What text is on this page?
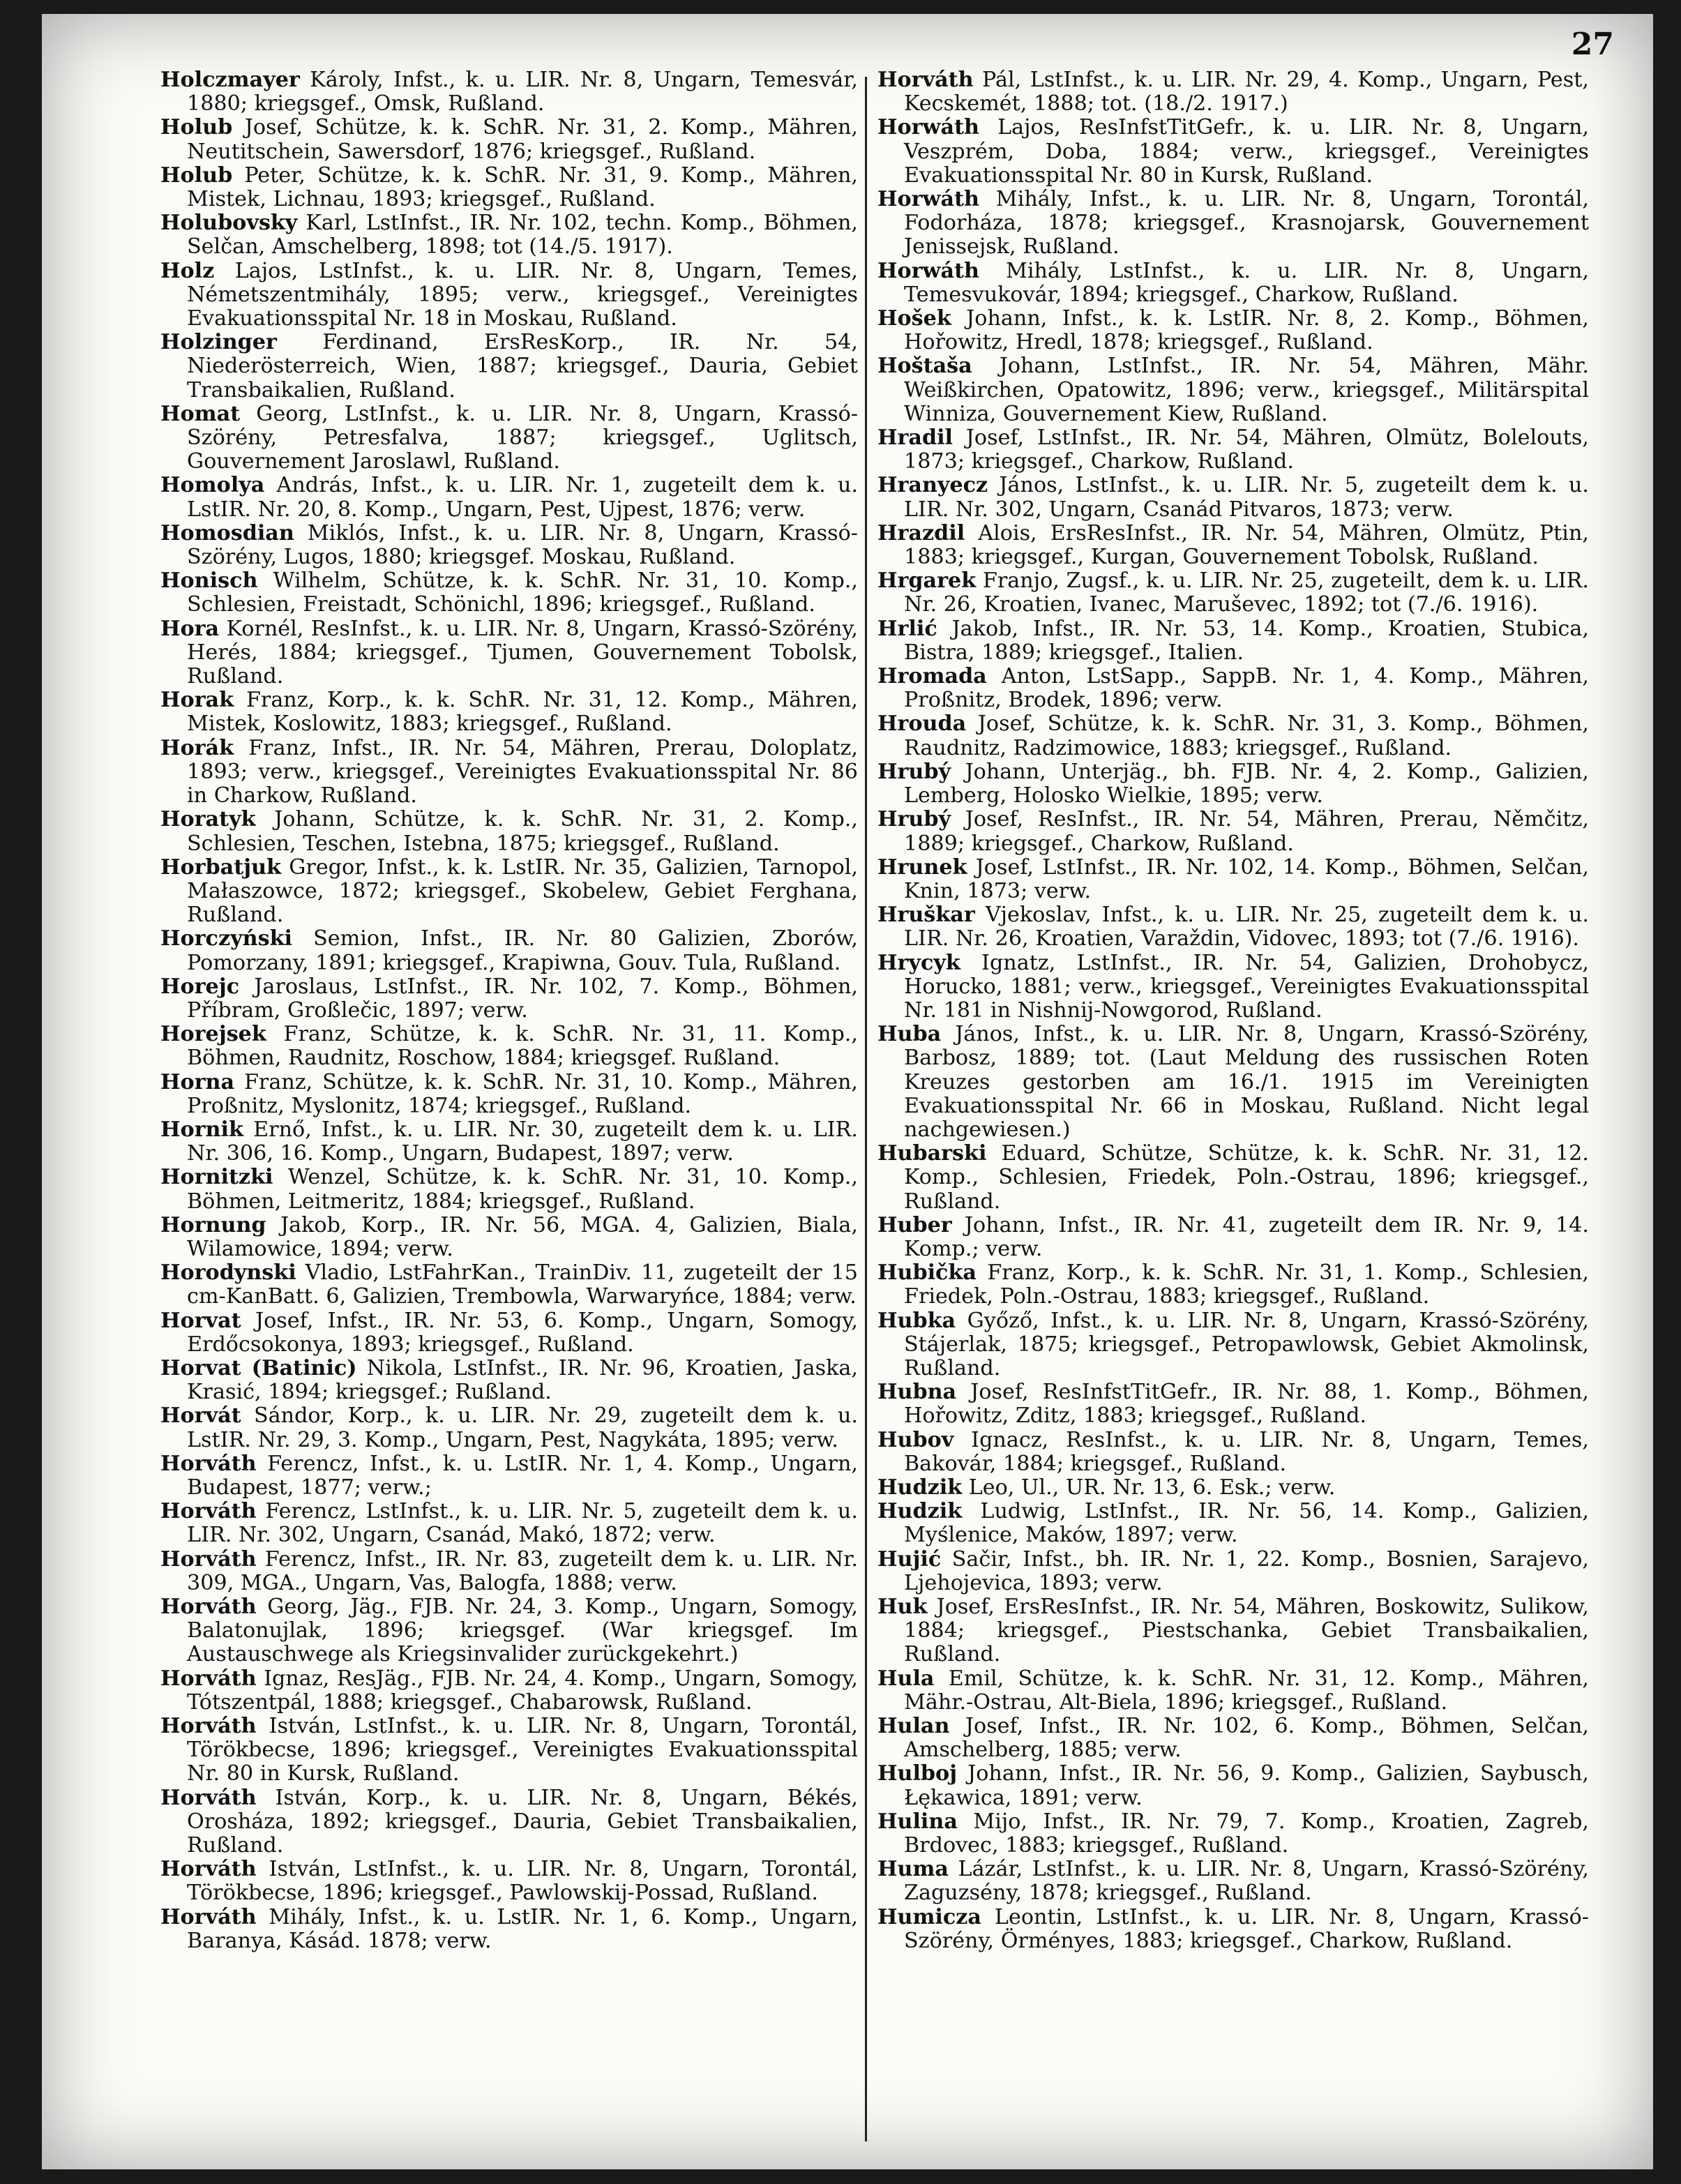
27

Holczmayer Károly, Infst., k. u. LIR. Nr. 8, Ungarn, Temesvár, 1880; kriegsgef., Omsk, Rußland.

Holub Josef, Schütze, k. k. SchR. Nr. 31, 2. Komp., Mähren, Neutitschein, Sawersdorf, 1876; kriegsgef., Rußland.

Holub Peter, Schütze, k. k. SchR. Nr. 31, 9. Komp., Mähren, Mistek, Lichnau, 1893; kriegsgef., Rußland.

Holubovsky Karl, LstInfst., IR. Nr. 102, techn. Komp., Böhmen, Selčan, Amschelberg, 1898; tot (14./5. 1917).

Holz Lajos, LstInfst., k. u. LIR. Nr. 8, Ungarn, Temes, Németszentmihály, 1895; verw., kriegsgef., Vereinigtes Evakuationsspital Nr. 18 in Moskau, Rußland.

Holzinger Ferdinand, ErsResKorp., IR. Nr. 54, Niederösterreich, Wien, 1887; kriegsgef., Dauria, Gebiet Transbaikalien, Rußland.

Homat Georg, LstInfst., k. u. LIR. Nr. 8, Ungarn, Krassó-Szörény, Petresfalva, 1887; kriegsgef., Uglitsch, Gouvernement Jaroslawl, Rußland.

Homolya András, Infst., k. u. LIR. Nr. 1, zugeteilt dem k. u. LstIR. Nr. 20, 8. Komp., Ungarn, Pest, Ujpest, 1876; verw.

Homosdian Miklós, Infst., k. u. LIR. Nr. 8, Ungarn, Krassó-Szörény, Lugos, 1880; kriegsgef. Moskau, Rußland.

Honisch Wilhelm, Schütze, k. k. SchR. Nr. 31, 10. Komp., Schlesien, Freistadt, Schönichl, 1896; kriegsgef., Rußland.

Hora Kornél, ResInfst., k. u. LIR. Nr. 8, Ungarn, Krassó-Szörény, Herés, 1884; kriegsgef., Tjumen, Gouvernement Tobolsk, Rußland.

Horak Franz, Korp., k. k. SchR. Nr. 31, 12. Komp., Mähren, Mistek, Koslowitz, 1883; kriegsgef., Rußland.

Horák Franz, Infst., IR. Nr. 54, Mähren, Prerau, Doloplatz, 1893; verw., kriegsgef., Vereinigtes Evakuationsspital Nr. 86 in Charkow, Rußland.

Horatyk Johann, Schütze, k. k. SchR. Nr. 31, 2. Komp., Schlesien, Teschen, Istebna, 1875; kriegsgef., Rußland.

Horbatjuk Gregor, Infst., k. k. LstIR. Nr. 35, Galizien, Tarnopol, Małaszowce, 1872; kriegsgef., Skobelew, Gebiet Ferghana, Rußland.

Horczyński Semion, Infst., IR. Nr. 80 Galizien, Zborów, Pomorzany, 1891; kriegsgef., Krapiwna, Gouv. Tula, Rußland.

Horejc Jaroslaus, LstInfst., IR. Nr. 102, 7. Komp., Böhmen, Příbram, Großlečic, 1897; verw.

Horejsek Franz, Schütze, k. k. SchR. Nr. 31, 11. Komp., Böhmen, Raudnitz, Roschow, 1884; kriegsgef. Rußland.

Horna Franz, Schütze, k. k. SchR. Nr. 31, 10. Komp., Mähren, Proßnitz, Myslonitz, 1874; kriegsgef., Rußland.

Hornik Ernő, Infst., k. u. LIR. Nr. 30, zugeteilt dem k. u. LIR. Nr. 306, 16. Komp., Ungarn, Budapest, 1897; verw.

Hornitzki Wenzel, Schütze, k. k. SchR. Nr. 31, 10. Komp., Böhmen, Leitmeritz, 1884; kriegsgef., Rußland.

Hornung Jakob, Korp., IR. Nr. 56, MGA. 4, Galizien, Biala, Wilamowice, 1894; verw.

Horodynski Vladio, LstFahrKan., TrainDiv. 11, zugeteilt der 15 cm-KanBatt. 6, Galizien, Trembowla, Warwaryńce, 1884; verw.

Horvat Josef, Infst., IR. Nr. 53, 6. Komp., Ungarn, Somogy, Erdőcsokonya, 1893; kriegsgef., Rußland.

Horvat (Batinic) Nikola, LstInfst., IR. Nr. 96, Kroatien, Jaska, Krasić, 1894; kriegsgef.; Rußland.

Horvát Sándor, Korp., k. u. LIR. Nr. 29, zugeteilt dem k. u. LstIR. Nr. 29, 3. Komp., Ungarn, Pest, Nagykáta, 1895; verw.

Horváth Ferencz, Infst., k. u. LstIR. Nr. 1, 4. Komp., Ungarn, Budapest, 1877; verw.;

Horváth Ferencz, LstInfst., k. u. LIR. Nr. 5, zugeteilt dem k. u. LIR. Nr. 302, Ungarn, Csanád, Makó, 1872; verw.

Horváth Ferencz, Infst., IR. Nr. 83, zugeteilt dem k. u. LIR. Nr. 309, MGA., Ungarn, Vas, Balogfa, 1888; verw.

Horváth Georg, Jäg., FJB. Nr. 24, 3. Komp., Ungarn, Somogy, Balatonujlak, 1896; kriegsgef. (War kriegsgef. Im Austauschwege als Kriegsinvalider zurückgekehrt.)

Horváth Ignaz, ResJäg., FJB. Nr. 24, 4. Komp., Ungarn, Somogy, Tótszentpál, 1888; kriegsgef., Chabarowsk, Rußland.

Horváth István, LstInfst., k. u. LIR. Nr. 8, Ungarn, Torontál, Törökbecse, 1896; kriegsgef., Vereinigtes Evakuationsspital Nr. 80 in Kursk, Rußland.

Horváth István, Korp., k. u. LIR. Nr. 8, Ungarn, Békés, Orosháza, 1892; kriegsgef., Dauria, Gebiet Transbaikalien, Rußland.

Horváth István, LstInfst., k. u. LIR. Nr. 8, Ungarn, Torontál, Törökbecse, 1896; kriegsgef., Pawlowskij-Possad, Rußland.

Horváth Mihály, Infst., k. u. LstIR. Nr. 1, 6. Komp., Ungarn, Baranya, Kásád. 1878; verw.

Horváth Pál, LstInfst., k. u. LIR. Nr. 29, 4. Komp., Ungarn, Pest, Kecskemét, 1888; tot. (18./2. 1917.)

Horwáth Lajos, ResInfstTitGefr., k. u. LIR. Nr. 8, Ungarn, Veszprém, Doba, 1884; verw., kriegsgef., Vereinigtes Evakuationsspital Nr. 80 in Kursk, Rußland.

Horwáth Mihály, Infst., k. u. LIR. Nr. 8, Ungarn, Torontál, Fodorháza, 1878; kriegsgef., Krasnojarsk, Gouvernement Jenissejsk, Rußland.

Horwáth Mihály, LstInfst., k. u. LIR. Nr. 8, Ungarn, Temesvukovár, 1894; kriegsgef., Charkow, Rußland.

Hošek Johann, Infst., k. k. LstIR. Nr. 8, 2. Komp., Böhmen, Hořowitz, Hredl, 1878; kriegsgef., Rußland.

Hoštaša Johann, LstInfst., IR. Nr. 54, Mähren, Mähr. Weißkirchen, Opatowitz, 1896; verw., kriegsgef., Militärspital Winniza, Gouvernement Kiew, Rußland.

Hradil Josef, LstInfst., IR. Nr. 54, Mähren, Olmütz, Bolelouts, 1873; kriegsgef., Charkow, Rußland.

Hranyecz János, LstInfst., k. u. LIR. Nr. 5, zugeteilt dem k. u. LIR. Nr. 302, Ungarn, Csanád Pitvaros, 1873; verw.

Hrazdil Alois, ErsResInfst., IR. Nr. 54, Mähren, Olmütz, Ptin, 1883; kriegsgef., Kurgan, Gouvernement Tobolsk, Rußland.

Hrgarek Franjo, Zugsf., k. u. LIR. Nr. 25, zugeteilt, dem k. u. LIR. Nr. 26, Kroatien, Ivanec, Maruševec, 1892; tot (7./6. 1916).

Hrlić Jakob, Infst., IR. Nr. 53, 14. Komp., Kroatien, Stubica, Bistra, 1889; kriegsgef., Italien.

Hromada Anton, LstSapp., SappB. Nr. 1, 4. Komp., Mähren, Proßnitz, Brodek, 1896; verw.

Hrouda Josef, Schütze, k. k. SchR. Nr. 31, 3. Komp., Böhmen, Raudnitz, Radzimowice, 1883; kriegsgef., Rußland.

Hrubý Johann, Unterjäg., bh. FJB. Nr. 4, 2. Komp., Galizien, Lemberg, Holosko Wielkie, 1895; verw.

Hrubý Josef, ResInfst., IR. Nr. 54, Mähren, Prerau, Němčitz, 1889; kriegsgef., Charkow, Rußland.

Hrunek Josef, LstInfst., IR. Nr. 102, 14. Komp., Böhmen, Selčan, Knin, 1873; verw.

Hruškar Vjekoslav, Infst., k. u. LIR. Nr. 25, zugeteilt dem k. u. LIR. Nr. 26, Kroatien, Varaždin, Vidovec, 1893; tot (7./6. 1916).

Hrycyk Ignatz, LstInfst., IR. Nr. 54, Galizien, Drohobycz, Horucko, 1881; verw., kriegsgef., Vereinigtes Evakuationsspital Nr. 181 in Nishnij-Nowgorod, Rußland.

Huba János, Infst., k. u. LIR. Nr. 8, Ungarn, Krassó-Szörény, Barbosz, 1889; tot. (Laut Meldung des russischen Roten Kreuzes gestorben am 16./1. 1915 im Vereinigten Evakuationsspital Nr. 66 in Moskau, Rußland. Nicht legal nachgewiesen.)

Hubarski Eduard, Schütze, Schütze, k. k. SchR. Nr. 31, 12. Komp., Schlesien, Friedek, Poln.-Ostrau, 1896; kriegsgef., Rußland.

Huber Johann, Infst., IR. Nr. 41, zugeteilt dem IR. Nr. 9, 14. Komp.; verw.

Hubička Franz, Korp., k. k. SchR. Nr. 31, 1. Komp., Schlesien, Friedek, Poln.-Ostrau, 1883; kriegsgef., Rußland.

Hubka Győző, Infst., k. u. LIR. Nr. 8, Ungarn, Krassó-Szörény, Stájerlak, 1875; kriegsgef., Petropawlowsk, Gebiet Akmolinsk, Rußland.

Hubna Josef, ResInfstTitGefr., IR. Nr. 88, 1. Komp., Böhmen, Hořowitz, Zditz, 1883; kriegsgef., Rußland.

Hubov Ignacz, ResInfst., k. u. LIR. Nr. 8, Ungarn, Temes, Bakovár, 1884; kriegsgef., Rußland.

Hudzik Leo, Ul., UR. Nr. 13, 6. Esk.; verw.

Hudzik Ludwig, LstInfst., IR. Nr. 56, 14. Komp., Galizien, Myślenice, Maków, 1897; verw.

Hujić Sačir, Infst., bh. IR. Nr. 1, 22. Komp., Bosnien, Sarajevo, Ljehojevica, 1893; verw.

Huk Josef, ErsResInfst., IR. Nr. 54, Mähren, Boskowitz, Sulikow, 1884; kriegsgef., Piestschanka, Gebiet Transbaikalien, Rußland.

Hula Emil, Schütze, k. k. SchR. Nr. 31, 12. Komp., Mähren, Mähr.-Ostrau, Alt-Biela, 1896; kriegsgef., Rußland.

Hulan Josef, Infst., IR. Nr. 102, 6. Komp., Böhmen, Selčan, Amschelberg, 1885; verw.

Hulboj Johann, Infst., IR. Nr. 56, 9. Komp., Galizien, Saybusch, Łękawica, 1891; verw.

Hulina Mijo, Infst., IR. Nr. 79, 7. Komp., Kroatien, Zagreb, Brdovec, 1883; kriegsgef., Rußland.

Huma Lázár, LstInfst., k. u. LIR. Nr. 8, Ungarn, Krassó-Szörény, Zaguzsény, 1878; kriegsgef., Rußland.

Humicza Leontin, LstInfst., k. u. LIR. Nr. 8, Ungarn, Krassó-Szörény, Örményes, 1883; kriegsgef., Charkow, Rußland.
